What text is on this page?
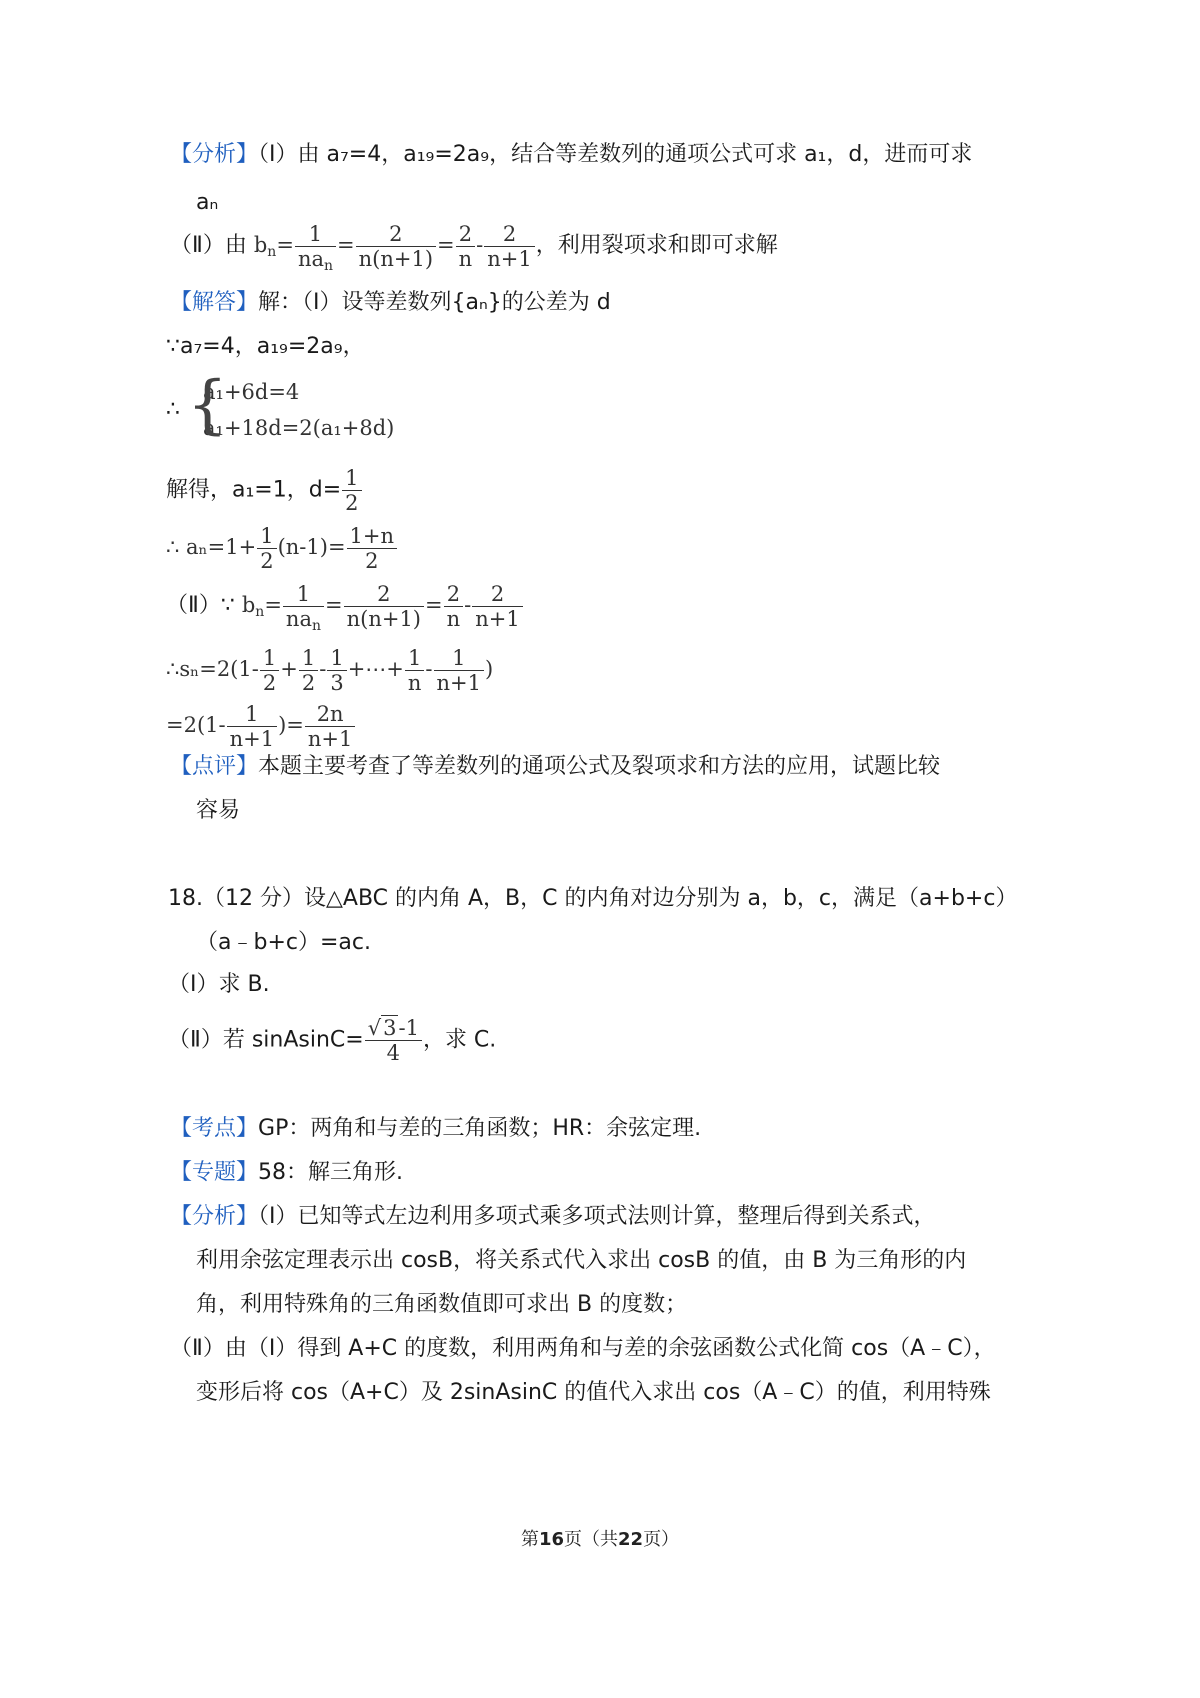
【分析】（Ⅰ）由 a₇=4，a₁₉=2a₉，结合等差数列的通项公式可求 a₁，d，进而可求
aₙ
（Ⅱ）由 $b_n= \frac{1}{na_n} = \frac{2}{n(n+1)} = \frac{2}{n} - \frac{2}{n+1}$ ，利用裂项求和即可求解
【解答】解：（Ⅰ）设等差数列{aₙ}的公差为 d
∵a₇=4，a₁₉=2a₉，
∴ {
a₁+6d=4
a₁+18d=2(a₁+8d)
解得，a₁=1，$d= \frac{1}{2}$
∴ $a_n=1+ \frac{1}{2} (n-1)= \frac{1+n}{2}$
（Ⅱ）∵ $b_n= \frac{1}{na_n} = \frac{2}{n(n+1)} = \frac{2}{n} - \frac{2}{n+1}$
∴sₙ=2(1- $\frac{1}{2} + \frac{1}{2} - \frac{1}{3}$ +⋯+ $\frac{1}{n} - \frac{1}{n+1}$ )
$=2(1- \frac{1}{n+1}$ )= $\frac{2n}{n+1}$
【点评】本题主要考查了等差数列的通项公式及裂项求和方法的应用，试题比较
容易
18.（12 分）设△ABC 的内角 A，B，C 的内角对边分别为 a，b，c，满足（a+b+c）
（a﹣b+c）=ac.
（Ⅰ）求 B.
（Ⅱ）若 sinAsinC= $\frac{√3-1}{4}$ ，求 C.
【考点】GP：两角和与差的三角函数；HR：余弦定理.
【专题】58：解三角形.
【分析】（Ⅰ）已知等式左边利用多项式乘多项式法则计算，整理后得到关系式，
利用余弦定理表示出 cosB，将关系式代入求出 cosB 的值，由 B 为三角形的内
角，利用特殊角的三角函数值即可求出 B 的度数；
（Ⅱ）由（Ⅰ）得到 A+C 的度数，利用两角和与差的余弦函数公式化简 cos（A﹣C），
变形后将 cos（A+C）及 2sinAsinC 的值代入求出 cos（A﹣C）的值，利用特殊
第16页（共22页）
